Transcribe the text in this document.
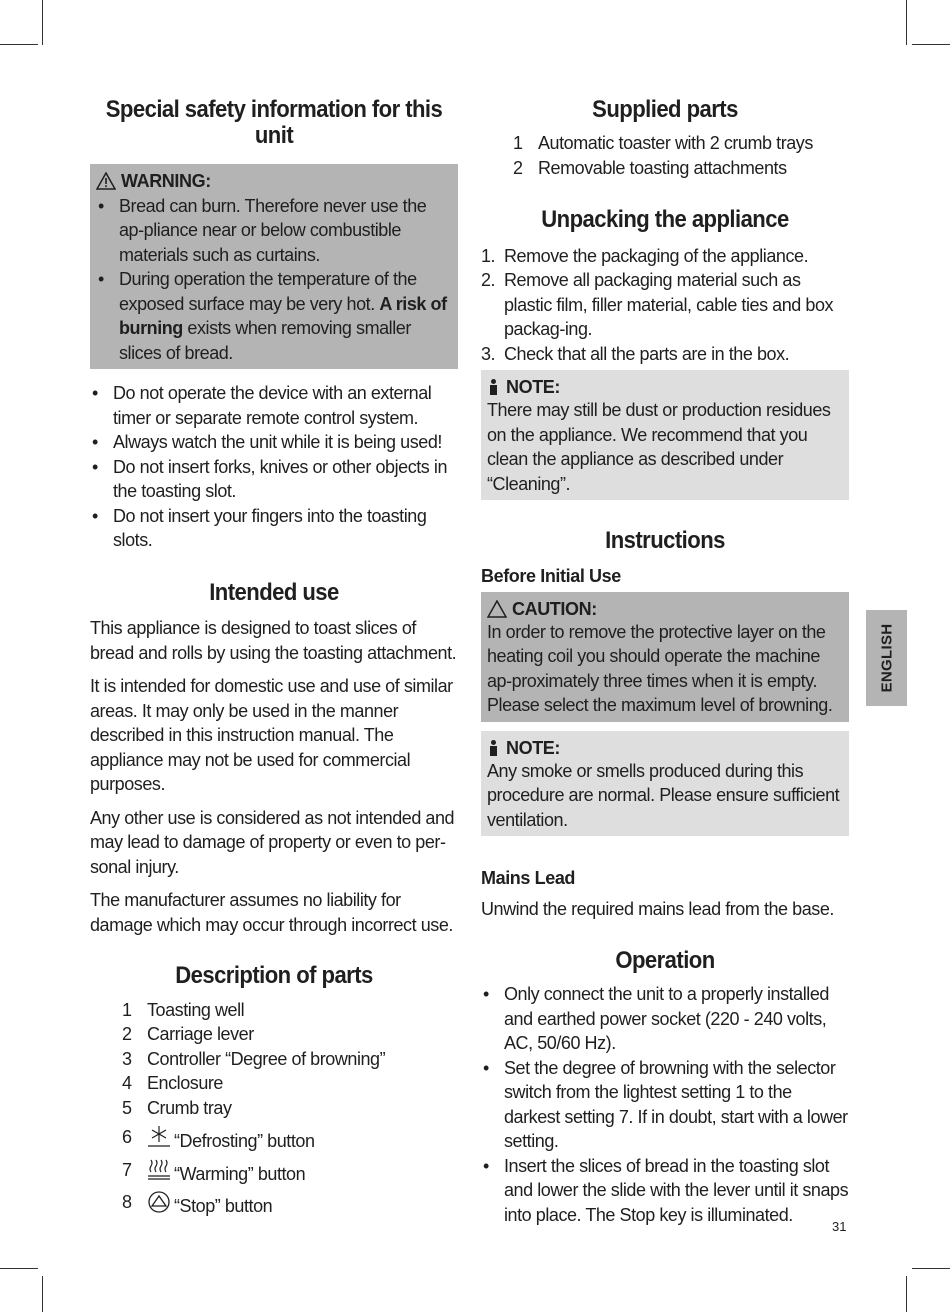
Special safety information for this unit
WARNING:
• Bread can burn. Therefore never use the ap-pliance near or below combustible materials such as curtains.
• During operation the temperature of the exposed surface may be very hot. A risk of burning exists when removing smaller slices of bread.
• Do not operate the device with an external timer or separate remote control system.
• Always watch the unit while it is being used!
• Do not insert forks, knives or other objects in the toasting slot.
• Do not insert your fingers into the toasting slots.
Intended use

This appliance is designed to toast slices of bread and rolls by using the toasting attachment.

It is intended for domestic use and use of similar areas. It may only be used in the manner described in this instruction manual. The appliance may not be used for commercial purposes.

Any other use is considered as not intended and may lead to damage of property or even to per-sonal injury.

The manufacturer assumes no liability for damage which may occur through incorrect use.

Description of parts
1 Toasting well
2 Carriage lever
3 Controller “Degree of browning”
4 Enclosure
5 Crumb tray
6 “Defrosting” button
7 “Warming” button
8 “Stop” button
Supplied parts
1 Automatic toaster with 2 crumb trays
2 Removable toasting attachments
Unpacking the appliance
1. Remove the packaging of the appliance.
2. Remove all packaging material such as plastic film, filler material, cable ties and box packag-ing.
3. Check that all the parts are in the box.
NOTE:

There may still be dust or production residues on the appliance. We recommend that you clean the appliance as described under “Cleaning”.

Instructions
Before Initial Use
CAUTION:

In order to remove the protective layer on the heating coil you should operate the machine ap-proximately three times when it is empty. Please select the maximum level of browning.

NOTE:

Any smoke or smells produced during this procedure are normal. Please ensure sufficient ventilation.

Mains Lead

Unwind the required mains lead from the base.

Operation
• Only connect the unit to a properly installed and earthed power socket (220 - 240 volts, AC, 50/60 Hz).
• Set the degree of browning with the selector switch from the lightest setting 1 to the darkest setting 7. If in doubt, start with a lower setting.
• Insert the slices of bread in the toasting slot and lower the slide with the lever until it snaps into place. The Stop key is illuminated.
ENGLISH
31
